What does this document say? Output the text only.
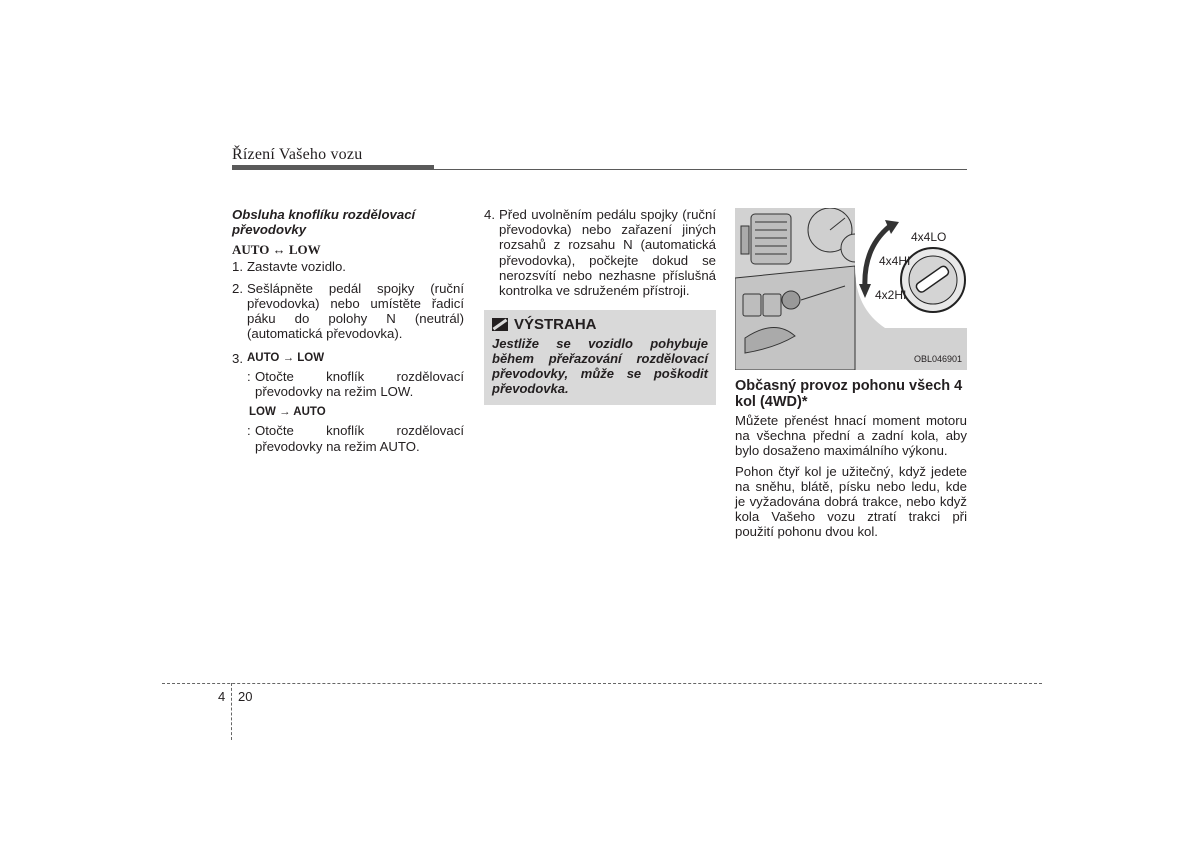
Řízení Vašeho vozu
Obsluha knoflíku rozdělovací převodovky
AUTO ↔ LOW
1. Zastavte vozidlo.
2. Sešlápněte pedál spojky (ruční převodovka) nebo umístěte řadicí páku do polohy N (neutrál) (automatická převodovka).
3. AUTO → LOW
: Otočte knoflík rozdělovací převodovky na režim LOW.
LOW → AUTO
: Otočte knoflík rozdělovací převodovky na režim AUTO.
4. Před uvolněním pedálu spojky (ruční převodovka) nebo zařazení jiných rozsahů z rozsahu N (automatická převodovka), počkejte dokud se nerozsvítí nebo nezhasne příslušná kontrolka ve sdruženém přístroji.
VÝSTRAHA
Jestliže se vozidlo pohybuje během přeřazování rozdělovací převodovky, může se poškodit převodovka.
4x4LO
4x4HI
4x2HI
OBL046901
Občasný provoz pohonu všech 4 kol (4WD)*
Můžete přenést hnací moment motoru na všechna přední a zadní kola, aby bylo dosaženo maximálního výkonu.
Pohon čtyř kol je užitečný, když jedete na sněhu, blátě, písku nebo ledu, kde je vyžadována dobrá trakce, nebo když kola Vašeho vozu ztratí trakci při použití pohonu dvou kol.
4 20
